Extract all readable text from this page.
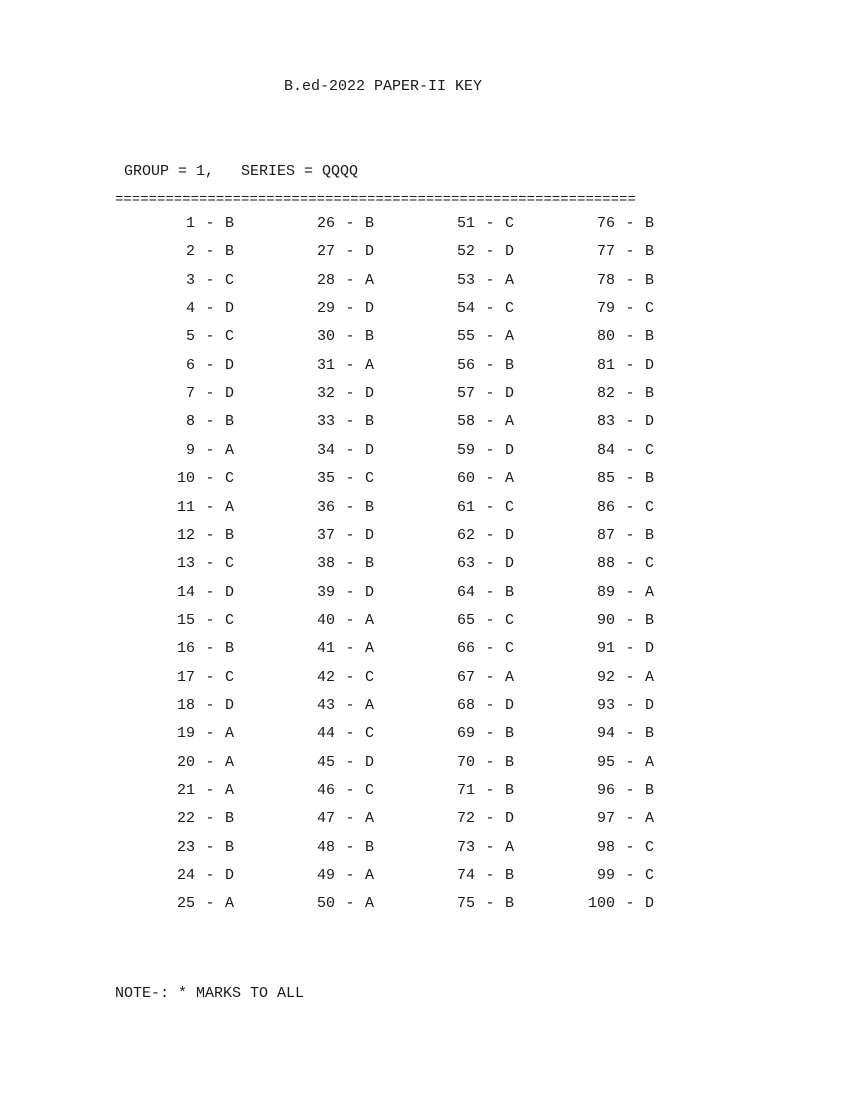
B.ed-2022 PAPER-II KEY
GROUP = 1,   SERIES = QQQQ
==============================================================
1 - B
2 - B
3 - C
4 - D
5 - C
6 - D
7 - D
8 - B
9 - A
10 - C
11 - A
12 - B
13 - C
14 - D
15 - C
16 - B
17 - C
18 - D
19 - A
20 - A
21 - A
22 - B
23 - B
24 - D
25 - A
26 - B
27 - D
28 - A
29 - D
30 - B
31 - A
32 - D
33 - B
34 - D
35 - C
36 - B
37 - D
38 - B
39 - D
40 - A
41 - A
42 - C
43 - A
44 - C
45 - D
46 - C
47 - A
48 - B
49 - A
50 - A
51 - C
52 - D
53 - A
54 - C
55 - A
56 - B
57 - D
58 - A
59 - D
60 - A
61 - C
62 - D
63 - D
64 - B
65 - C
66 - C
67 - A
68 - D
69 - B
70 - B
71 - B
72 - D
73 - A
74 - B
75 - B
76 - B
77 - B
78 - B
79 - C
80 - B
81 - D
82 - B
83 - D
84 - C
85 - B
86 - C
87 - B
88 - C
89 - A
90 - B
91 - D
92 - A
93 - D
94 - B
95 - A
96 - B
97 - A
98 - C
99 - C
100 - D
NOTE-: * MARKS TO ALL
